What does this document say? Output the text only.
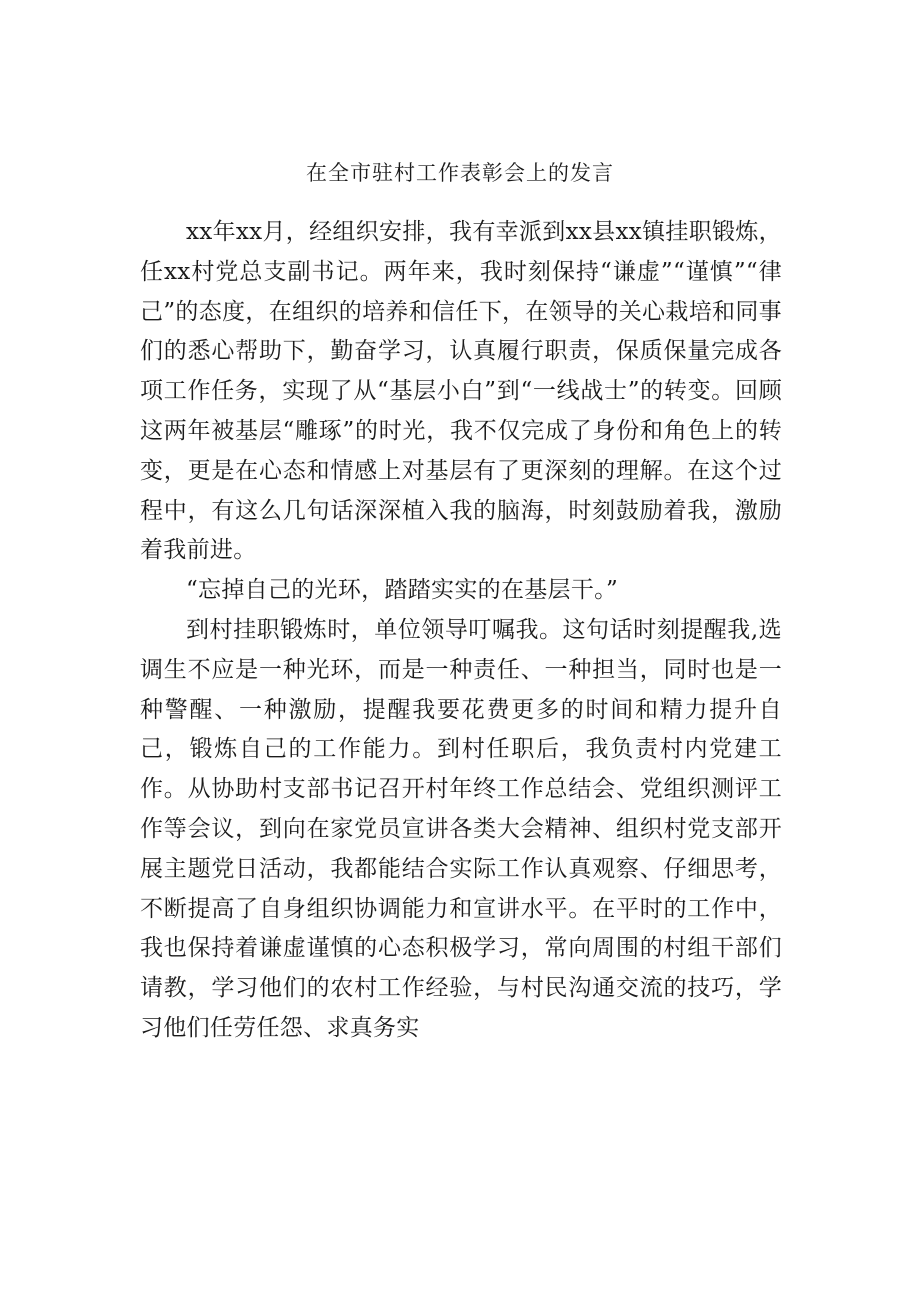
在全市驻村工作表彰会上的发言

xx年xx月，经组织安排，我有幸派到xx县xx镇挂职锻炼，任xx村党总支副书记。两年来，我时刻保持“谦虚”“谨慎”“律己”的态度，在组织的培养和信任下，在领导的关心栽培和同事们的悉心帮助下，勤奋学习，认真履行职责，保质保量完成各项工作任务，实现了从“基层小白”到“一线战士”的转变。回顾这两年被基层“雕琢”的时光，我不仅完成了身份和角色上的转变，更是在心态和情感上对基层有了更深刻的理解。在这个过程中，有这么几句话深深植入我的脑海，时刻鼓励着我，激励着我前进。

“忘掉自己的光环，踏踏实实的在基层干。”

到村挂职锻炼时，单位领导叮嘱我。这句话时刻提醒我,选调生不应是一种光环，而是一种责任、一种担当，同时也是一种警醒、一种激励，提醒我要花费更多的时间和精力提升自己，锻炼自己的工作能力。到村任职后，我负责村内党建工作。从协助村支部书记召开村年终工作总结会、党组织测评工作等会议，到向在家党员宣讲各类大会精神、组织村党支部开展主题党日活动，我都能结合实际工作认真观察、仔细思考，不断提高了自身组织协调能力和宣讲水平。在平时的工作中，我也保持着谦虚谨慎的心态积极学习，常向周围的村组干部们请教，学习他们的农村工作经验，与村民沟通交流的技巧，学习他们任劳任怨、求真务实
